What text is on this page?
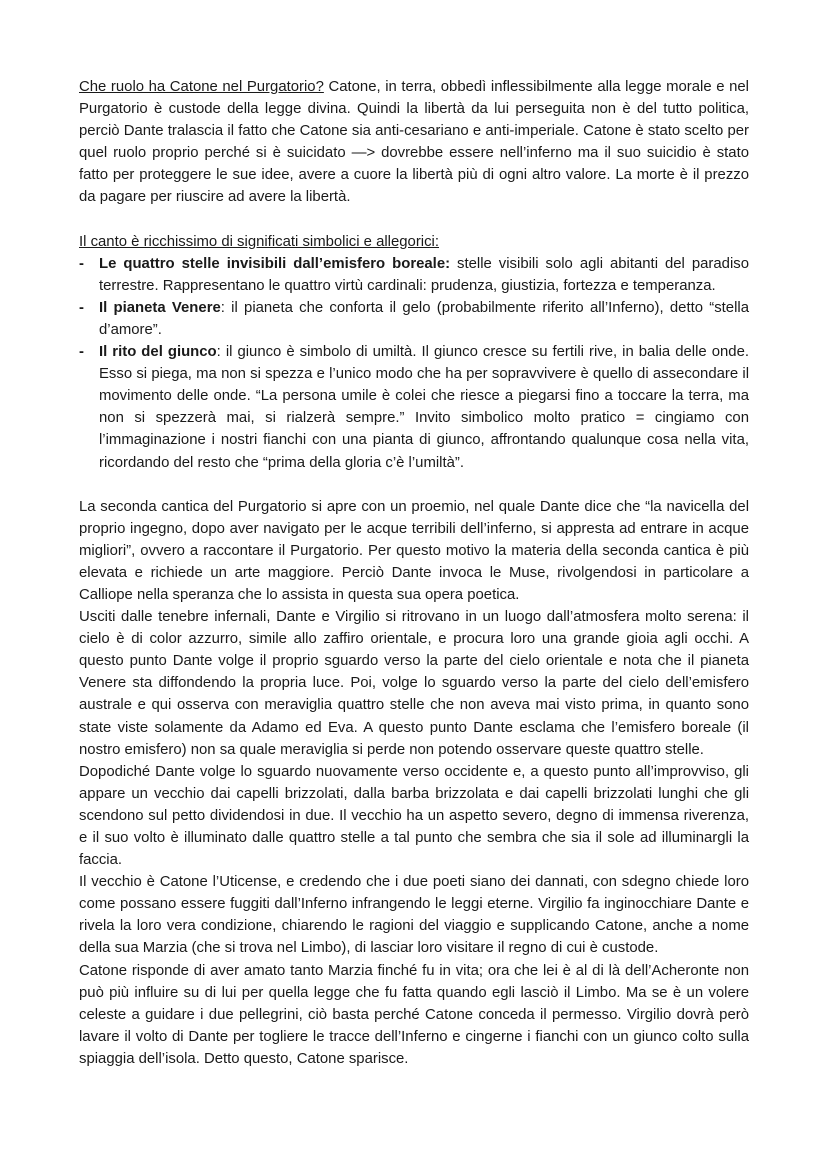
Che ruolo ha Catone nel Purgatorio? Catone, in terra, obbedì inflessibilmente alla legge morale e nel Purgatorio è custode della legge divina. Quindi la libertà da lui perseguita non è del tutto politica, perciò Dante tralascia il fatto che Catone sia anti-cesariano e anti-imperiale. Catone è stato scelto per quel ruolo proprio perché si è suicidato —> dovrebbe essere nell’inferno ma il suo suicidio è stato fatto per proteggere le sue idee, avere a cuore la libertà più di ogni altro valore. La morte è il prezzo da pagare per riuscire ad avere la libertà.

Il canto è ricchissimo di significati simbolici e allegorici:

- Le quattro stelle invisibili dall’emisfero boreale: stelle visibili solo agli abitanti del paradiso terrestre. Rappresentano le quattro virtù cardinali: prudenza, giustizia, fortezza e temperanza.
- Il pianeta Venere: il pianeta che conforta il gelo (probabilmente riferito all’Inferno), detto “stella d’amore”.
- Il rito del giunco: il giunco è simbolo di umiltà. Il giunco cresce su fertili rive, in balia delle onde. Esso si piega, ma non si spezza e l’unico modo che ha per sopravvivere è quello di assecondare il movimento delle onde. “La persona umile è colei che riesce a piegarsi fino a toccare la terra, ma non si spezzerà mai, si rialzerà sempre.” Invito simbolico molto pratico = cingiamo con l’immaginazione i nostri fianchi con una pianta di giunco, affrontando qualunque cosa nella vita, ricordando del resto che “prima della gloria c’è l’umiltà”.

La seconda cantica del Purgatorio si apre con un proemio, nel quale Dante dice che “la navicella del proprio ingegno, dopo aver navigato per le acque terribili dell’inferno, si appresta ad entrare in acque migliori”, ovvero a raccontare il Purgatorio. Per questo motivo la materia della seconda cantica è più elevata e richiede un arte maggiore. Perciò Dante invoca le Muse, rivolgendosi in particolare a Calliope nella speranza che lo assista in questa sua opera poetica.

Usciti dalle tenebre infernali, Dante e Virgilio si ritrovano in un luogo dall’atmosfera molto serena: il cielo è di color azzurro, simile allo zaffiro orientale, e procura loro una grande gioia agli occhi. A questo punto Dante volge il proprio sguardo verso la parte del cielo orientale e nota che il pianeta Venere sta diffondendo la propria luce. Poi, volge lo sguardo verso la parte del cielo dell’emisfero australe e qui osserva con meraviglia quattro stelle che non aveva mai visto prima, in quanto sono state viste solamente da Adamo ed Eva. A questo punto Dante esclama che l’emisfero boreale (il nostro emisfero) non sa quale meraviglia si perde non potendo osservare queste quattro stelle.

Dopodiché Dante volge lo sguardo nuovamente verso occidente e, a questo punto all’improvviso, gli appare un vecchio dai capelli brizzolati, dalla barba brizzolata e dai capelli brizzolati lunghi che gli scendono sul petto dividendosi in due. Il vecchio ha un aspetto severo, degno di immensa riverenza, e il suo volto è illuminato dalle quattro stelle a tal punto che sembra che sia il sole ad illuminargli la faccia.

Il vecchio è Catone l’Uticense, e credendo che i due poeti siano dei dannati, con sdegno chiede loro come possano essere fuggiti dall’Inferno infrangendo le leggi eterne. Virgilio fa inginocchiare Dante e rivela la loro vera condizione, chiarendo le ragioni del viaggio e supplicando Catone, anche a nome della sua Marzia (che si trova nel Limbo), di lasciar loro visitare il regno di cui è custode.

Catone risponde di aver amato tanto Marzia finché fu in vita; ora che lei è al di là dell’Acheronte non può più influire su di lui per quella legge che fu fatta quando egli lasciò il Limbo. Ma se è un volere celeste a guidare i due pellegrini, ciò basta perché Catone conceda il permesso. Virgilio dovrà però lavare il volto di Dante per togliere le tracce dell’Inferno e cingerne i fianchi con un giunco colto sulla spiaggia dell’isola. Detto questo, Catone sparisce.
